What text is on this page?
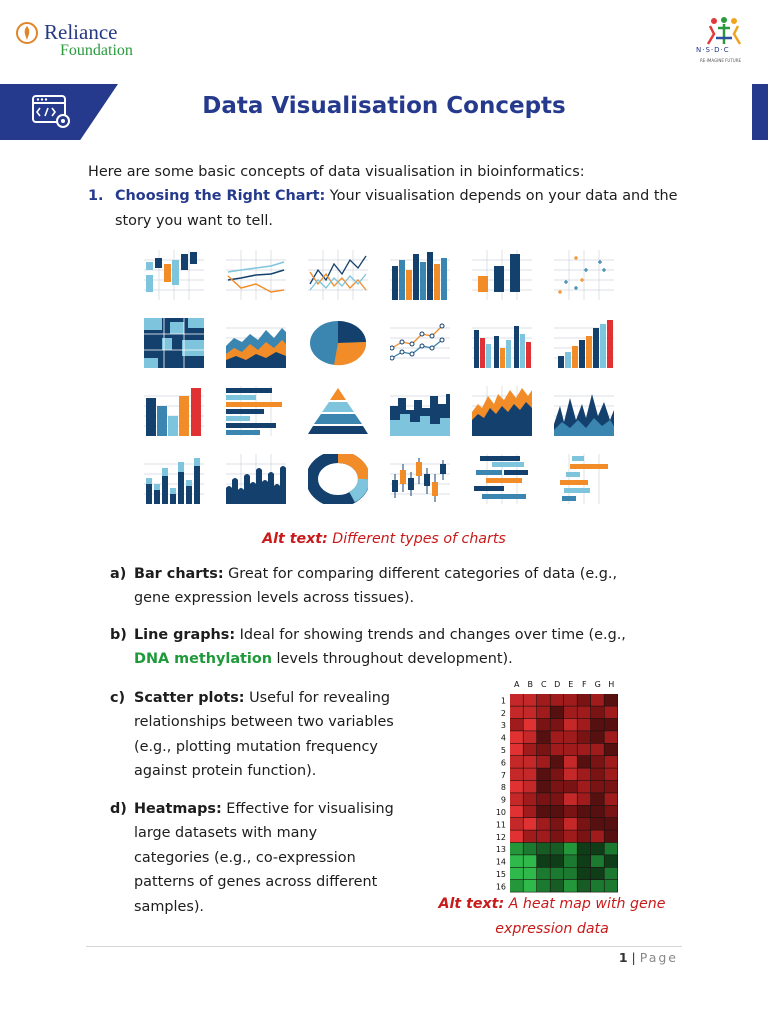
Reliance
Foundation	N·S·D·C
RE-IMAGINE FUTURE
Data Visualisation Concepts

Here are some basic concepts of data visualisation in bioinformatics:

1. Choosing the Right Chart: Your visualisation depends on your data and the story you want to tell.
Alt text: Different types of charts
a) Bar charts: Great for comparing different categories of data (e.g.,
gene expression levels across tissues).
b) Line graphs: Ideal for showing trends and changes over time (e.g.,
DNA methylation levels throughout development).
c) Scatter plots: Useful for revealing
relationships between two variables
(e.g., plotting mutation frequency
against protein function).
d) Heatmaps: Effective for visualising
large datasets with many
categories (e.g., co-expression
patterns of genes across different
samples).
A B C D E F G H
1
2
3
4
5
6
7
8
9
10
11
12
13
14
15
16
Alt text: A heat map with gene expression data
1 | Page
